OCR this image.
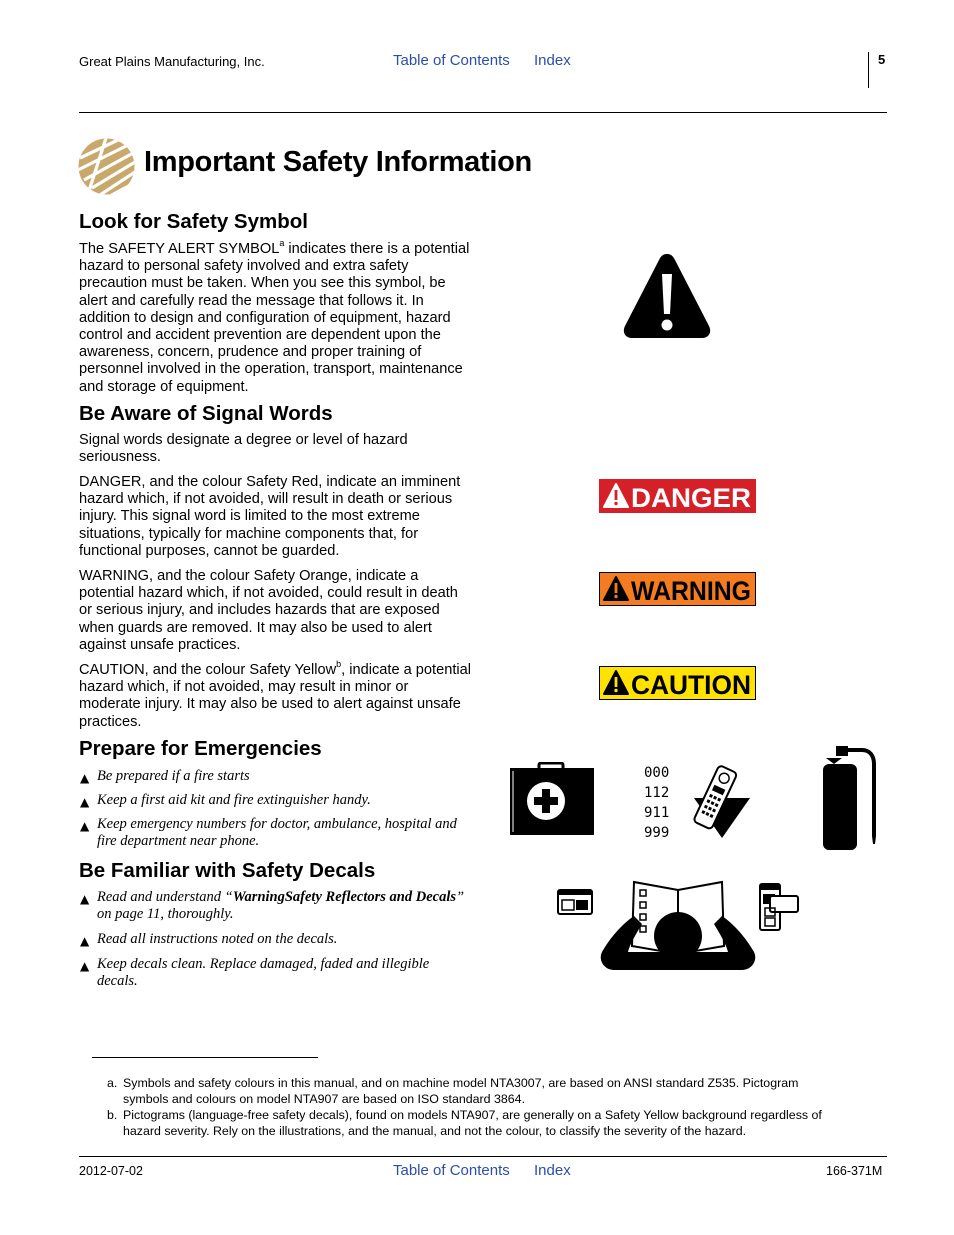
Great Plains Manufacturing, Inc.	Table of Contents Index	5
Important Safety Information
Look for Safety Symbol

The SAFETY ALERT SYMBOL$^a$ indicates there is a potential hazard to personal safety involved and extra safety precaution must be taken. When you see this symbol, be alert and carefully read the message that follows it. In addition to design and configuration of equipment, hazard control and accident prevention are dependent upon the awareness, concern, prudence and proper training of personnel involved in the operation, transport, maintenance and storage of equipment.

Be Aware of Signal Words

Signal words designate a degree or level of hazard seriousness.

DANGER, and the colour Safety Red, indicate an imminent hazard which, if not avoided, will result in death or serious injury. This signal word is limited to the most extreme situations, typically for machine components that, for functional purposes, cannot be guarded.

WARNING, and the colour Safety Orange, indicate a potential hazard which, if not avoided, could result in death or serious injury, and includes hazards that are exposed when guards are removed. It may also be used to alert against unsafe practices.

CAUTION, and the colour Safety Yellow$^b$, indicate a potential hazard which, if not avoided, may result in minor or moderate injury. It may also be used to alert against unsafe practices.

DANGER
WARNING
CAUTION
Prepare for Emergencies
▲ Be prepared if a fire starts
▲ Keep a first aid kit and fire extinguisher handy.
▲ Keep emergency numbers for doctor, ambulance, hospital and fire department near phone.
000
112
911
999
Be Familiar with Safety Decals
▲ Read and understand “WarningSafety Reflectors and Decals” on page 11, thoroughly.
▲ Read all instructions noted on the decals.
▲ Keep decals clean. Replace damaged, faded and illegible decals.

a. Symbols and safety colours in this manual, and on machine model NTA3007, are based on ANSI standard Z535. Pictogram symbols and colours on model NTA907 are based on ISO standard 3864.

b. Pictograms (language-free safety decals), found on models NTA907, are generally on a Safety Yellow background regardless of hazard severity. Rely on the illustrations, and the manual, and not the colour, to classify the severity of the hazard.

2012-07-02	Table of Contents Index	166-371M
